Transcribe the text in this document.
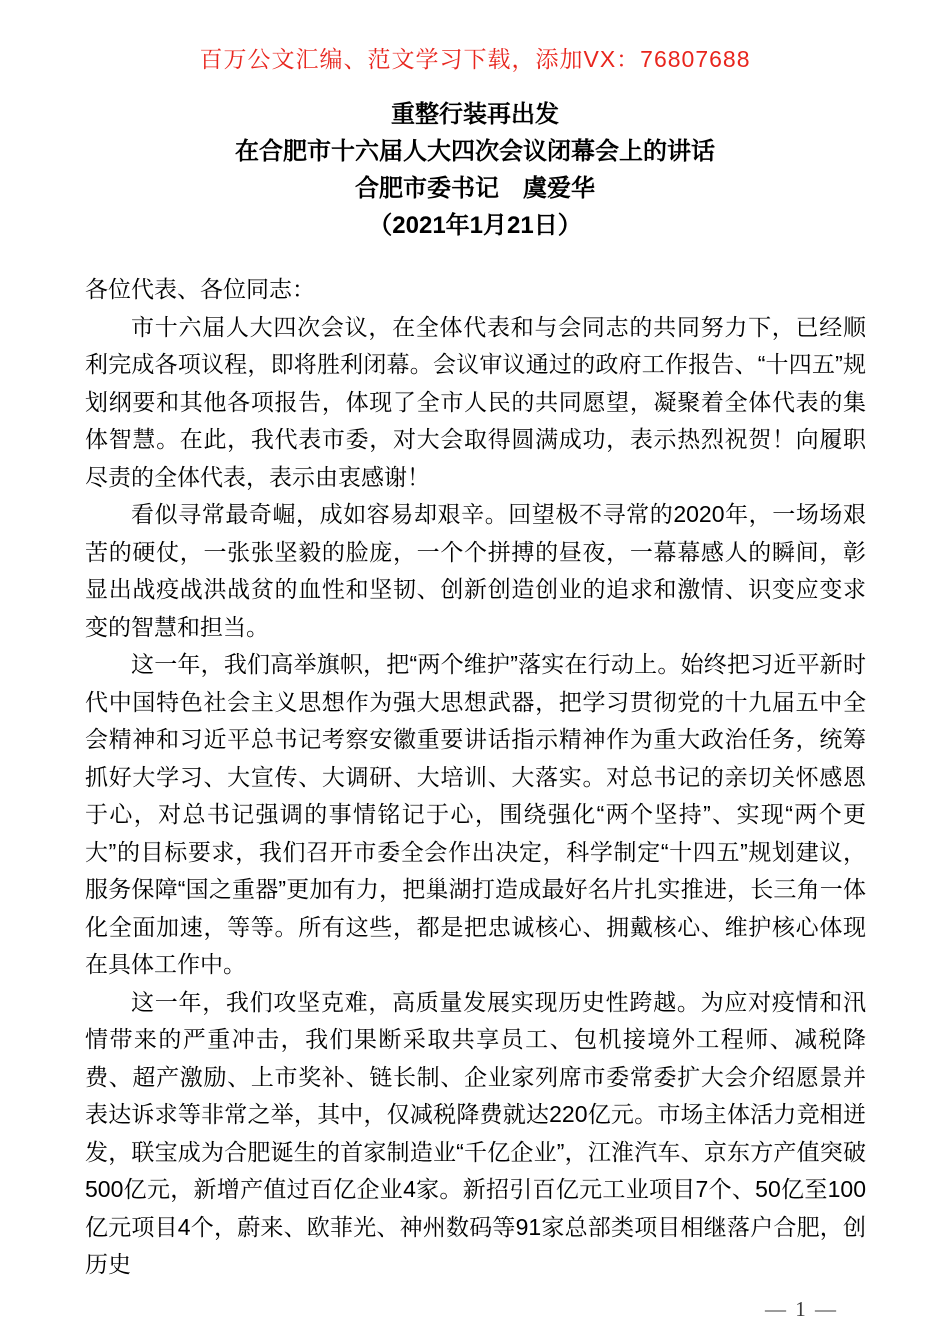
百万公文汇编、范文学习下载，添加VX：76807688
重整行装再出发
在合肥市十六届人大四次会议闭幕会上的讲话
合肥市委书记　虞爱华
（2021年1月21日）

各位代表、各位同志：

市十六届人大四次会议，在全体代表和与会同志的共同努力下，已经顺利完成各项议程，即将胜利闭幕。会议审议通过的政府工作报告、“十四五”规划纲要和其他各项报告，体现了全市人民的共同愿望，凝聚着全体代表的集体智慧。在此，我代表市委，对大会取得圆满成功，表示热烈祝贺！向履职尽责的全体代表，表示由衷感谢！

看似寻常最奇崛，成如容易却艰辛。回望极不寻常的2020年，一场场艰苦的硬仗，一张张坚毅的脸庞，一个个拼搏的昼夜，一幕幕感人的瞬间，彰显出战疫战洪战贫的血性和坚韧、创新创造创业的追求和激情、识变应变求变的智慧和担当。

这一年，我们高举旗帜，把“两个维护”落实在行动上。始终把习近平新时代中国特色社会主义思想作为强大思想武器，把学习贯彻党的十九届五中全会精神和习近平总书记考察安徽重要讲话指示精神作为重大政治任务，统筹抓好大学习、大宣传、大调研、大培训、大落实。对总书记的亲切关怀感恩于心，对总书记强调的事情铭记于心，围绕强化“两个坚持”、实现“两个更大”的目标要求，我们召开市委全会作出决定，科学制定“十四五”规划建议，服务保障“国之重器”更加有力，把巢湖打造成最好名片扎实推进，长三角一体化全面加速，等等。所有这些，都是把忠诚核心、拥戴核心、维护核心体现在具体工作中。

这一年，我们攻坚克难，高质量发展实现历史性跨越。为应对疫情和汛情带来的严重冲击，我们果断采取共享员工、包机接境外工程师、减税降费、超产激励、上市奖补、链长制、企业家列席市委常委扩大会介绍愿景并表达诉求等非常之举，其中，仅减税降费就达220亿元。市场主体活力竞相迸发，联宝成为合肥诞生的首家制造业“千亿企业”，江淮汽车、京东方产值突破500亿元，新增产值过百亿企业4家。新招引百亿元工业项目7个、50亿至100亿元项目4个，蔚来、欧菲光、神州数码等91家总部类项目相继落户合肥，创历史

— 1 —
